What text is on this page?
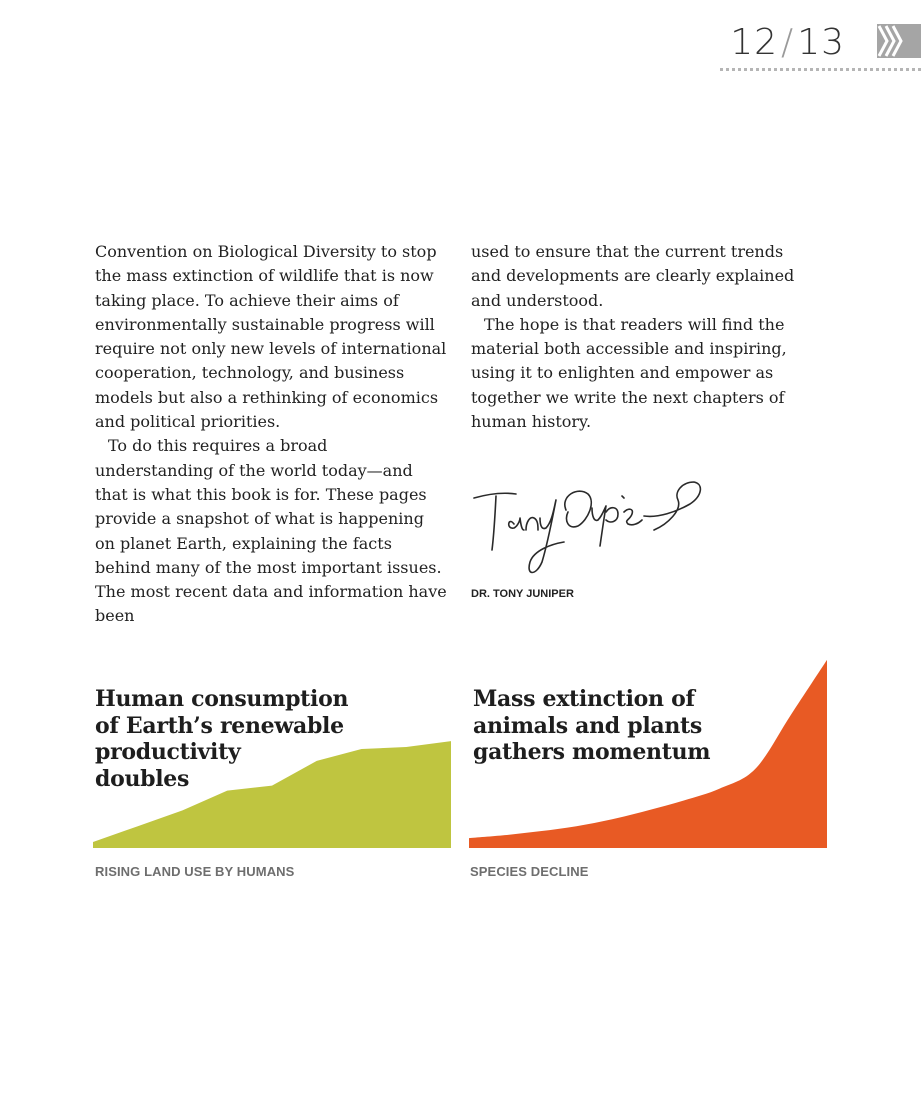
12/13

Convention on Biological Diversity to stop the mass extinction of wildlife that is now taking place. To achieve their aims of environmentally sustainable progress will require not only new levels of international cooperation, technology, and business models but also a rethinking of economics and political priorities.

To do this requires a broad understanding of the world today—and that is what this book is for. These pages provide a snapshot of what is happening on planet Earth, explaining the facts behind many of the most important issues. The most recent data and information have been

used to ensure that the current trends and developments are clearly explained and understood.

The hope is that readers will find the material both accessible and inspiring, using it to enlighten and empower as together we write the next chapters of human history.

DR. TONY JUNIPER
Human consumption
of Earth’s renewable
productivity
doubles
RISING LAND USE BY HUMANS
Mass extinction of
animals and plants
gathers momentum
SPECIES DECLINE
